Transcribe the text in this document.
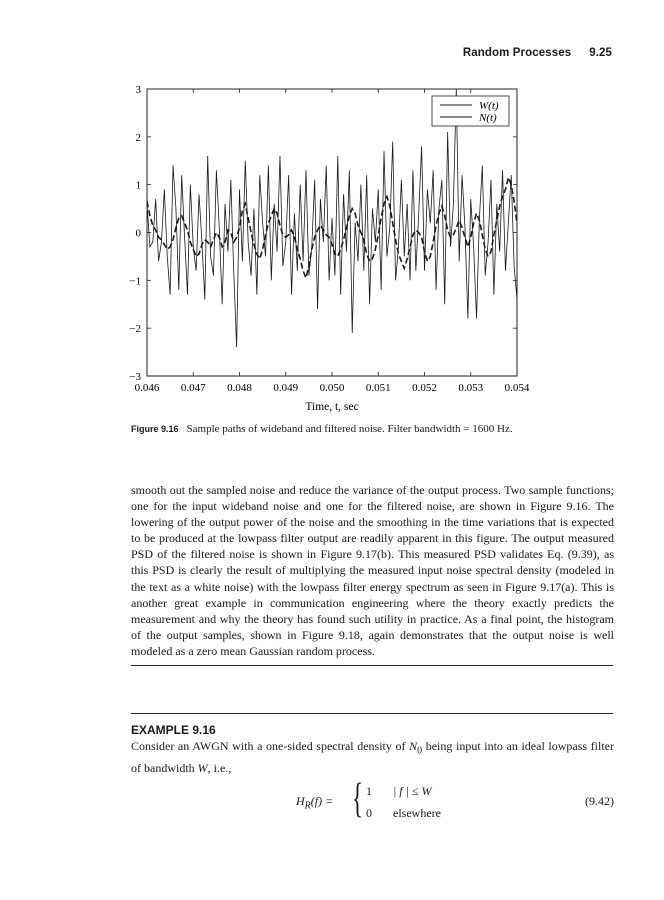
Random Processes 9.25
3
2
1
0
−1
−2
−3
0.046 0.047 0.048 0.049 0.050 0.051 0.052 0.053 0.054
W(t)
N(t)
Time, t, sec
Figure 9.16 Sample paths of wideband and filtered noise. Filter bandwidth = 1600 Hz.

smooth out the sampled noise and reduce the variance of the output process. Two sample functions; one for the input wideband noise and one for the filtered noise, are shown in Figure 9.16. The lowering of the output power of the noise and the smoothing in the time variations that is expected to be produced at the lowpass filter output are readily apparent in this figure. The output measured PSD of the filtered noise is shown in Figure 9.17(b). This measured PSD validates Eq. (9.39), as this PSD is clearly the result of multiplying the measured input noise spectral density (modeled in the text as a white noise) with the lowpass filter energy spectrum as seen in Figure 9.17(a). This is another great example in communication engineering where the theory exactly predicts the measurement and why the theory has found such utility in practice. As a final point, the histogram of the output samples, shown in Figure 9.18, again demonstrates that the output noise is well modeled as a zero mean Gaussian random process.

EXAMPLE 9.16

Consider an AWGN with a one-sided spectral density of $N_0$ being input into an ideal lowpass filter of bandwidth W, i.e.,

$H_R(f)$ = { 1 | f | ≤ W
0 elsewhere
(9.42)
